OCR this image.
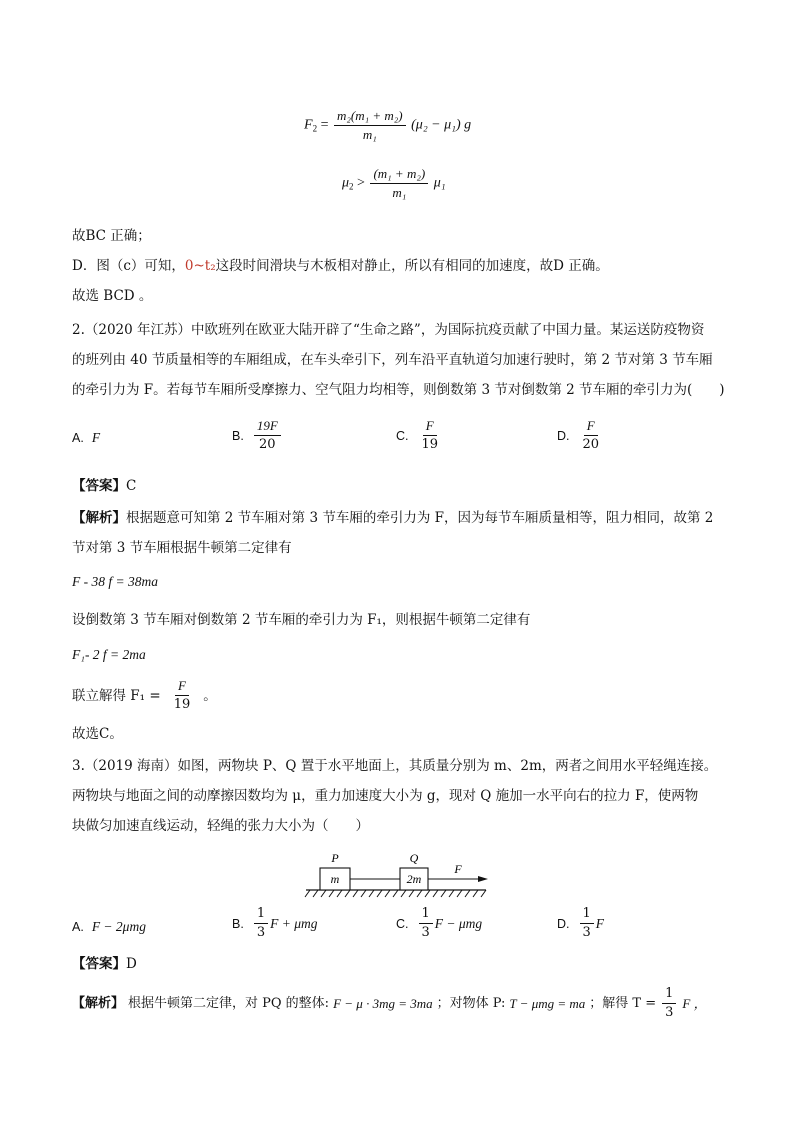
$F_2 = \frac{\text{m₂(m₁ + m₂)}}{\text{m₁}} (\mu_2 - \mu_1)$ g
$\mu_2 > \frac{\text{(m₁ + m₂)}}{\text{m₁}} \mu_1$
故BC 正确；
D．图（c）可知，0~t₂这段时间滑块与木板相对静止，所以有相同的加速度，故D 正确。
故选 BCD 。
2.（2020 年江苏）中欧班列在欧亚大陆开辟了“生命之路”，为国际抗疫贡献了中国力量。某运送防疫物资
的班列由 40 节质量相等的车厢组成，在车头牵引下，列车沿平直轨道匀加速行驶时，第 2 节对第 3 节车厢
的牵引力为 F。若每节车厢所受摩擦力、空气阻力均相等，则倒数第 3 节对倒数第 2 节车厢的牵引力为(　　)
A. F	B. $\frac{19F}{20}$	C. $\frac{F}{19}$	D. $\frac{F}{20}$
【答案】C
【解析】根据题意可知第 2 节车厢对第 3 节车厢的牵引力为 F，因为每节车厢质量相等，阻力相同，故第 2
节对第 3 节车厢根据牛顿第二定律有
F - 38 f = 38ma
设倒数第 3 节车厢对倒数第 2 节车厢的牵引力为 F₁，则根据牛顿第二定律有
F₁- 2 f = 2ma
联立解得 $F_1 = \frac{F}{19}$ 。
故选C。
3.（2019 海南）如图，两物块 P、Q 置于水平地面上，其质量分别为 m、2m，两者之间用水平轻绳连接。
两物块与地面之间的动摩擦因数均为 μ，重力加速度大小为 g，现对 Q 施加一水平向右的拉力 F，使两物
块做匀加速直线运动，轻绳的张力大小为（　　）
m
P
2m
Q
F
A. F − 2μmg	B. $\frac{1}{3}$ F + μmg	C. $\frac{1}{3}$ F − μmg	D. $\frac{1}{3}$ F
【答案】D
【解析】 根据牛顿第二定律，对 PQ 的整体: F − μ · 3mg = 3ma ；对物体 P: T − μmg = ma ；解得 $T = \frac{1}{3}$ F ，
